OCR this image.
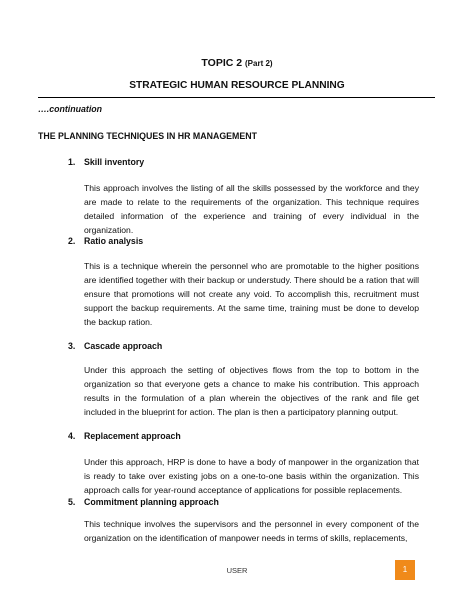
TOPIC 2 (Part 2)
STRATEGIC HUMAN RESOURCE PLANNING
….continuation
THE PLANNING TECHNIQUES IN HR MANAGEMENT
1. Skill inventory
This approach involves the listing of all the skills possessed by the workforce and they are made to relate to the requirements of the organization. This technique requires detailed information of the experience and training of every individual in the organization.
2. Ratio analysis
This is a technique wherein the personnel who are promotable to the higher positions are identified together with their backup or understudy. There should be a ration that will ensure that promotions will not create any void. To accomplish this, recruitment must support the backup requirements. At the same time, training must be done to develop the backup ration.
3. Cascade approach
Under this approach the setting of objectives flows from the top to bottom in the organization so that everyone gets a chance to make his contribution. This approach results in the formulation of a plan wherein the objectives of the rank and file get included in the blueprint for action. The plan is then a participatory planning output.
4. Replacement approach
Under this approach, HRP is done to have a body of manpower in the organization that is ready to take over existing jobs on a one-to-one basis within the organization. This approach calls for year-round acceptance of applications for possible replacements.
5. Commitment planning approach
This technique involves the supervisors and the personnel in every component of the organization on the identification of manpower needs in terms of skills, replacements,
USER	1
